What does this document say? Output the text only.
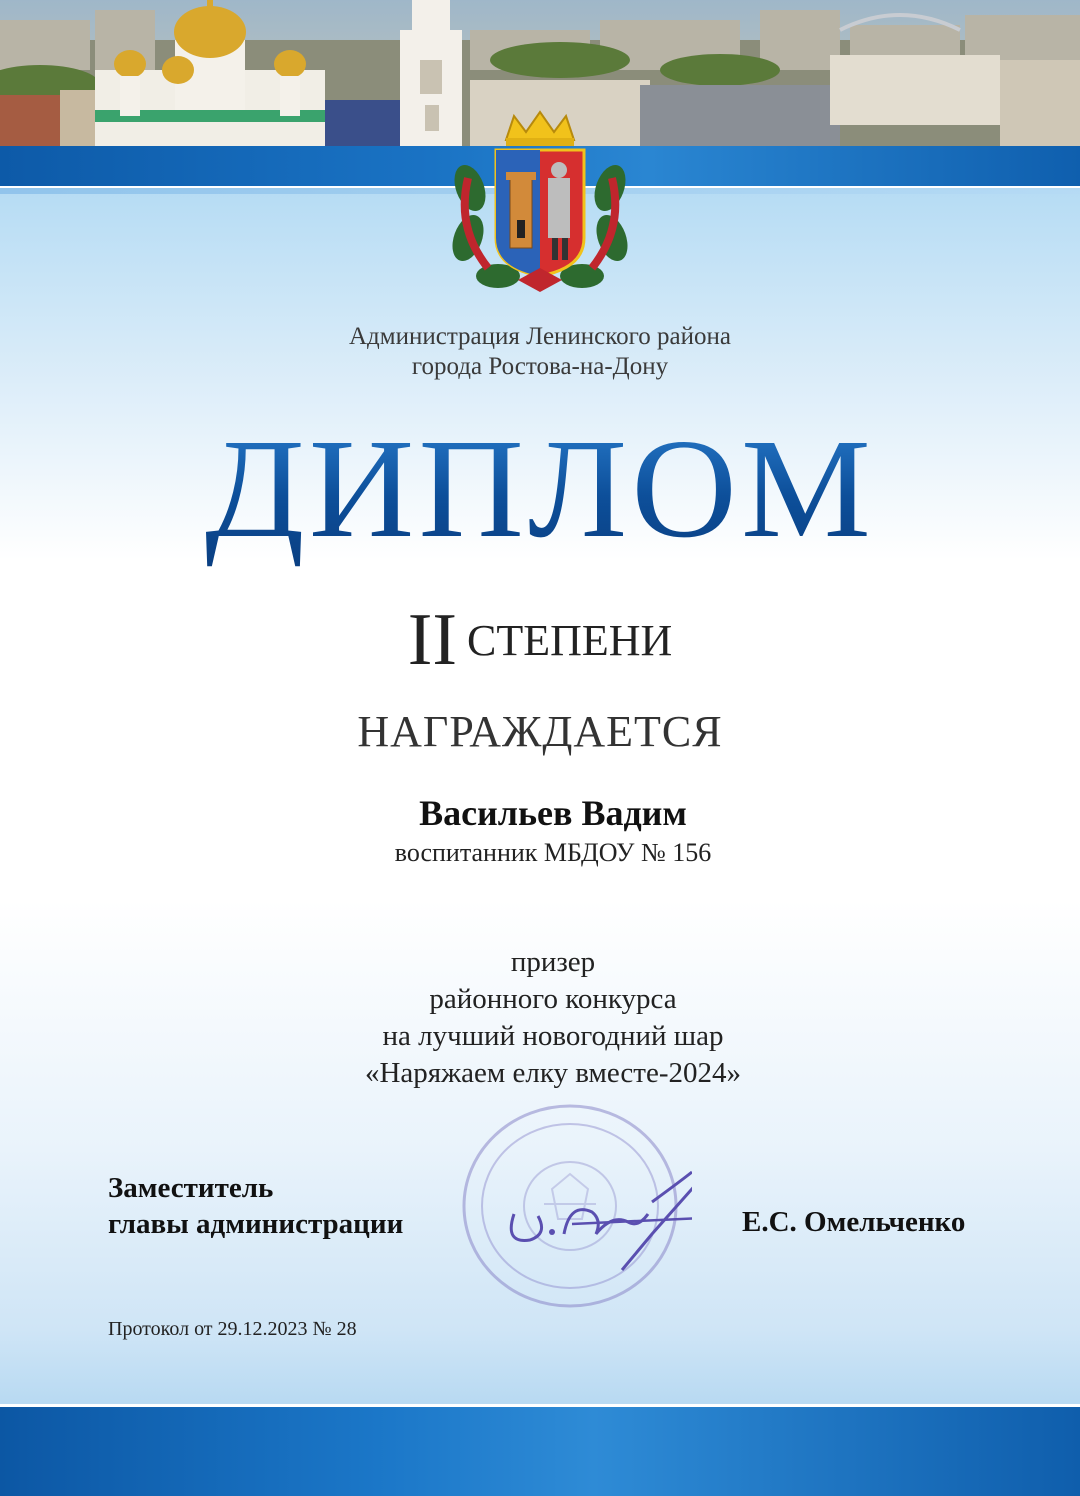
Администрация Ленинского района
города Ростова-на-Дону
ДИПЛОМ
II СТЕПЕНИ
НАГРАЖДАЕТСЯ
Васильев Вадим
воспитанник МБДОУ № 156
призер
районного конкурса
на лучший новогодний шар
«Наряжаем елку вместе-2024»
Заместитель
главы администрации	Е.С. Омельченко
Протокол от 29.12.2023 № 28
